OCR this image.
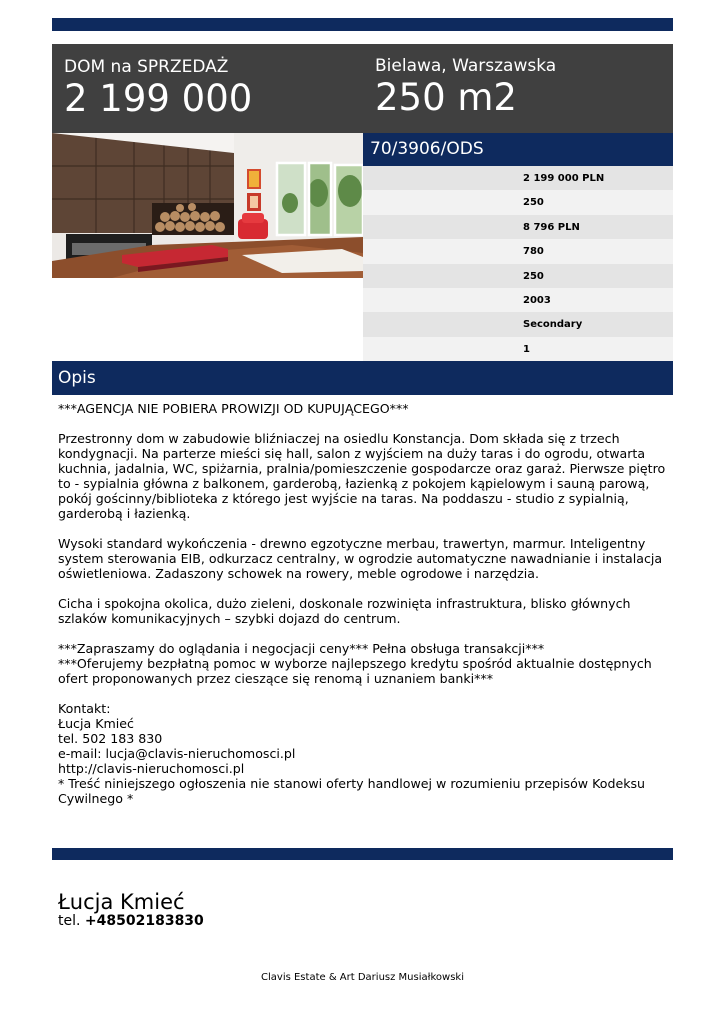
DOM na SPRZEDAŻ
2 199 000
Bielawa, Warszawska
250 m2
70/3906/ODS
2 199 000 PLN
250
8 796 PLN
780
250
2003
Secondary
1
Opis

***AGENCJA NIE POBIERA PROWIZJI OD KUPUJĄCEGO***

Przestronny dom w zabudowie bliźniaczej na osiedlu Konstancja. Dom składa się z trzech kondygnacji. Na parterze mieści się hall, salon z wyjściem na duży taras i do ogrodu, otwarta kuchnia, jadalnia, WC, spiżarnia, pralnia/pomieszczenie gospodarcze oraz garaż. Pierwsze piętro to - sypialnia główna z balkonem, garderobą, łazienką z pokojem kąpielowym i sauną parową, pokój gościnny/biblioteka z którego jest wyjście na taras. Na poddaszu - studio z sypialnią, garderobą i łazienką.

Wysoki standard wykończenia - drewno egzotyczne merbau, trawertyn, marmur. Inteligentny system sterowania EIB, odkurzacz centralny, w ogrodzie automatyczne nawadnianie i instalacja oświetleniowa. Zadaszony schowek na rowery, meble ogrodowe i narzędzia.

Cicha i spokojna okolica, dużo zieleni, doskonale rozwinięta infrastruktura, blisko głównych szlaków komunikacyjnych – szybki dojazd do centrum.

***Zapraszamy do oglądania i negocjacji ceny*** Pełna obsługa transakcji***

***Oferujemy bezpłatną pomoc w wyborze najlepszego kredytu spośród aktualnie dostępnych ofert proponowanych przez cieszące się renomą i uznaniem banki***

Kontakt:

Łucja Kmieć

tel. 502 183 830

e-mail: lucja@clavis-nieruchomosci.pl

http://clavis-nieruchomosci.pl

* Treść niniejszego ogłoszenia nie stanowi oferty handlowej w rozumieniu przepisów Kodeksu Cywilnego *

Łucja Kmieć
tel. +48502183830
Clavis Estate & Art Dariusz Musiałkowski
